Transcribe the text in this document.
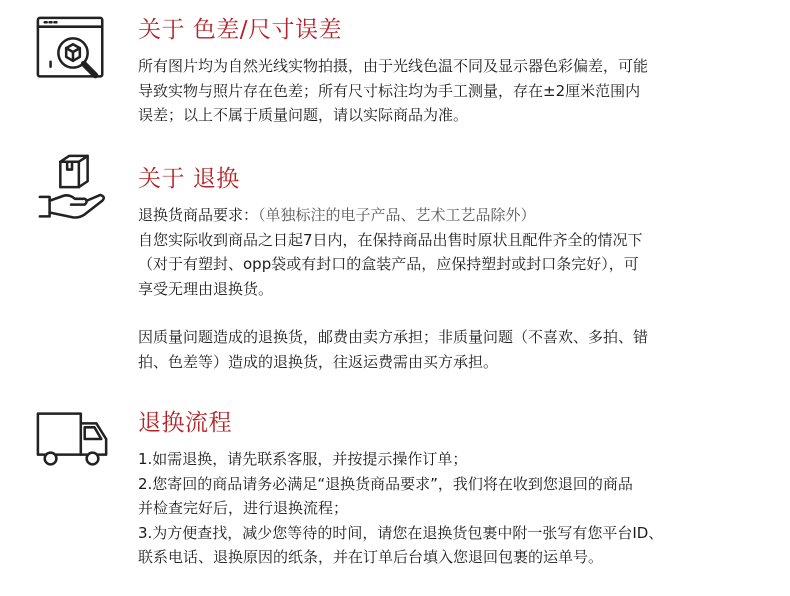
关于 色差/尺寸误差

所有图片均为自然光线实物拍摄，由于光线色温不同及显示器色彩偏差，可能
导致实物与照片存在色差；所有尺寸标注均为手工测量，存在±2厘米范围内
误差；以上不属于质量问题，请以实际商品为准。

关于 退换

退换货商品要求：（单独标注的电子产品、艺术工艺品除外）
自您实际收到商品之日起7日内，在保持商品出售时原状且配件齐全的情况下
（对于有塑封、opp袋或有封口的盒装产品，应保持塑封或封口条完好），可
享受无理由退换货。
因质量问题造成的退换货，邮费由卖方承担；非质量问题（不喜欢、多拍、错
拍、色差等）造成的退换货，往返运费需由买方承担。

退换流程

1.如需退换，请先联系客服，并按提示操作订单；
2.您寄回的商品请务必满足“退换货商品要求”，我们将在收到您退回的商品
并检查完好后，进行退换流程；
3.为方便查找，减少您等待的时间，请您在退换货包裹中附一张写有您平台ID、
联系电话、退换原因的纸条，并在订单后台填入您退回包裹的运单号。
